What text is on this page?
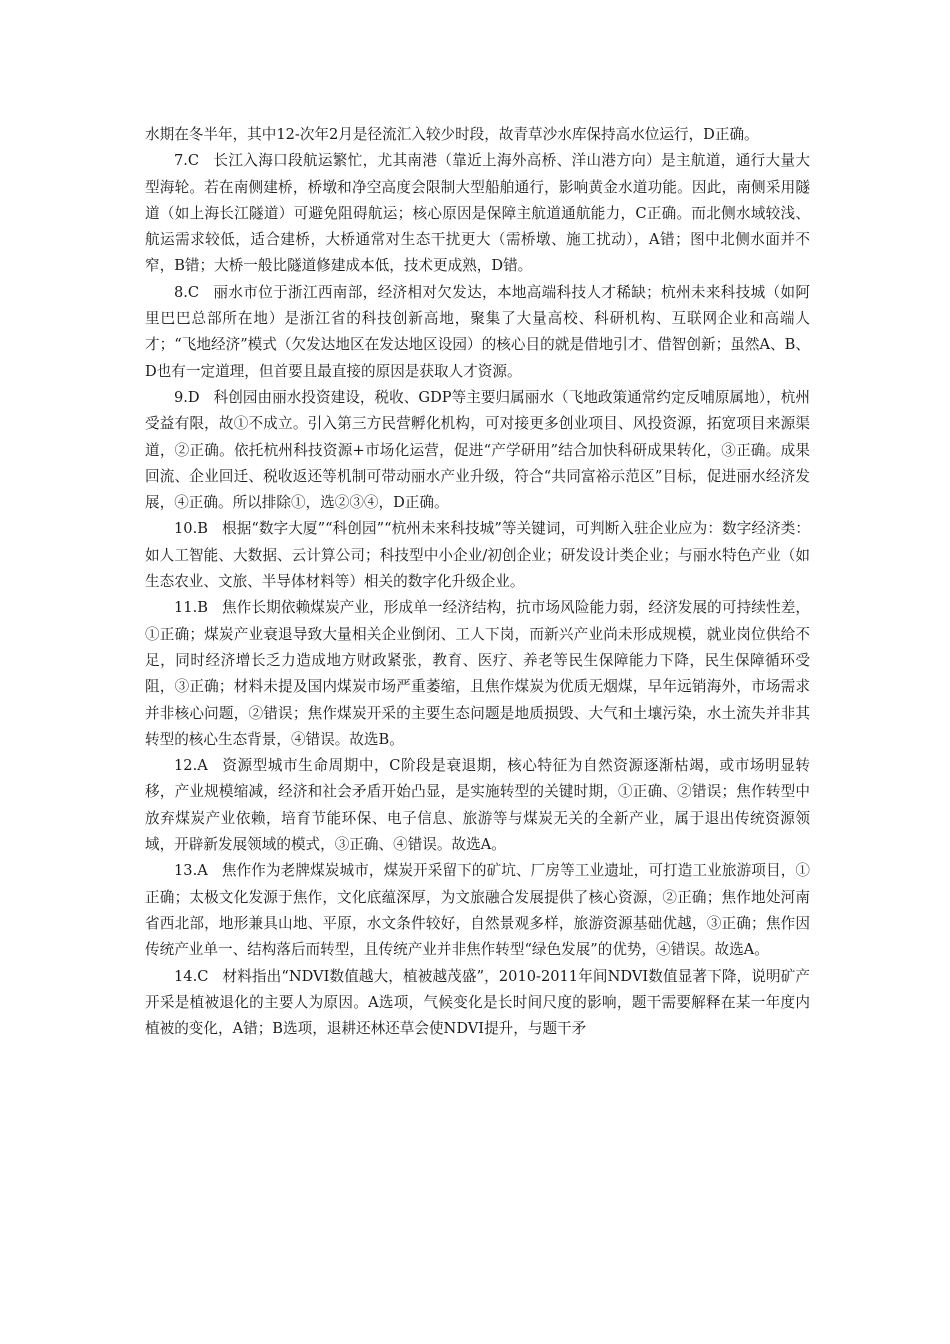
水期在冬半年，其中12-次年2月是径流汇入较少时段，故青草沙水库保持高水位运行，D正确。

7.C 长江入海口段航运繁忙，尤其南港（靠近上海外高桥、洋山港方向）是主航道，通行大量大型海轮。若在南侧建桥，桥墩和净空高度会限制大型船舶通行，影响黄金水道功能。因此，南侧采用隧道（如上海长江隧道）可避免阻碍航运；核心原因是保障主航道通航能力，C正确。而北侧水域较浅、航运需求较低，适合建桥，大桥通常对生态干扰更大（需桥墩、施工扰动），A错；图中北侧水面并不窄，B错；大桥一般比隧道修建成本低，技术更成熟，D错。

8.C 丽水市位于浙江西南部，经济相对欠发达，本地高端科技人才稀缺；杭州未来科技城（如阿里巴巴总部所在地）是浙江省的科技创新高地，聚集了大量高校、科研机构、互联网企业和高端人才；“飞地经济”模式（欠发达地区在发达地区设园）的核心目的就是借地引才、借智创新；虽然A、B、D也有一定道理，但首要且最直接的原因是获取人才资源。

9.D 科创园由丽水投资建设，税收、GDP等主要归属丽水（飞地政策通常约定反哺原属地），杭州受益有限，故①不成立。引入第三方民营孵化机构，可对接更多创业项目、风投资源，拓宽项目来源渠道，②正确。依托杭州科技资源+市场化运营，促进“产学研用”结合加快科研成果转化，③正确。成果回流、企业回迁、税收返还等机制可带动丽水产业升级，符合“共同富裕示范区”目标，促进丽水经济发展，④正确。所以排除①，选②③④，D正确。

10.B 根据“数字大厦”“科创园”“杭州未来科技城”等关键词，可判断入驻企业应为：数字经济类：如人工智能、大数据、云计算公司；科技型中小企业/初创企业；研发设计类企业；与丽水特色产业（如生态农业、文旅、半导体材料等）相关的数字化升级企业。

11.B 焦作长期依赖煤炭产业，形成单一经济结构，抗市场风险能力弱，经济发展的可持续性差，①正确；煤炭产业衰退导致大量相关企业倒闭、工人下岗，而新兴产业尚未形成规模，就业岗位供给不足，同时经济增长乏力造成地方财政紧张，教育、医疗、养老等民生保障能力下降，民生保障循环受阻，③正确；材料未提及国内煤炭市场严重萎缩，且焦作煤炭为优质无烟煤，早年远销海外，市场需求并非核心问题，②错误；焦作煤炭开采的主要生态问题是地质损毁、大气和土壤污染，水土流失并非其转型的核心生态背景，④错误。故选B。

12.A 资源型城市生命周期中，C阶段是衰退期，核心特征为自然资源逐渐枯竭，或市场明显转移，产业规模缩减，经济和社会矛盾开始凸显，是实施转型的关键时期，①正确、②错误；焦作转型中放弃煤炭产业依赖，培育节能环保、电子信息、旅游等与煤炭无关的全新产业，属于退出传统资源领域，开辟新发展领域的模式，③正确、④错误。故选A。

13.A 焦作作为老牌煤炭城市，煤炭开采留下的矿坑、厂房等工业遗址，可打造工业旅游项目，①正确；太极文化发源于焦作，文化底蕴深厚，为文旅融合发展提供了核心资源，②正确；焦作地处河南省西北部，地形兼具山地、平原，水文条件较好，自然景观多样，旅游资源基础优越，③正确；焦作因传统产业单一、结构落后而转型，且传统产业并非焦作转型“绿色发展”的优势，④错误。故选A。

14.C 材料指出“NDVI数值越大，植被越茂盛”，2010-2011年间NDVI数值显著下降，说明矿产开采是植被退化的主要人为原因。A选项，气候变化是长时间尺度的影响，题干需要解释在某一年度内植被的变化，A错；B选项，退耕还林还草会使NDVI提升，与题干矛
